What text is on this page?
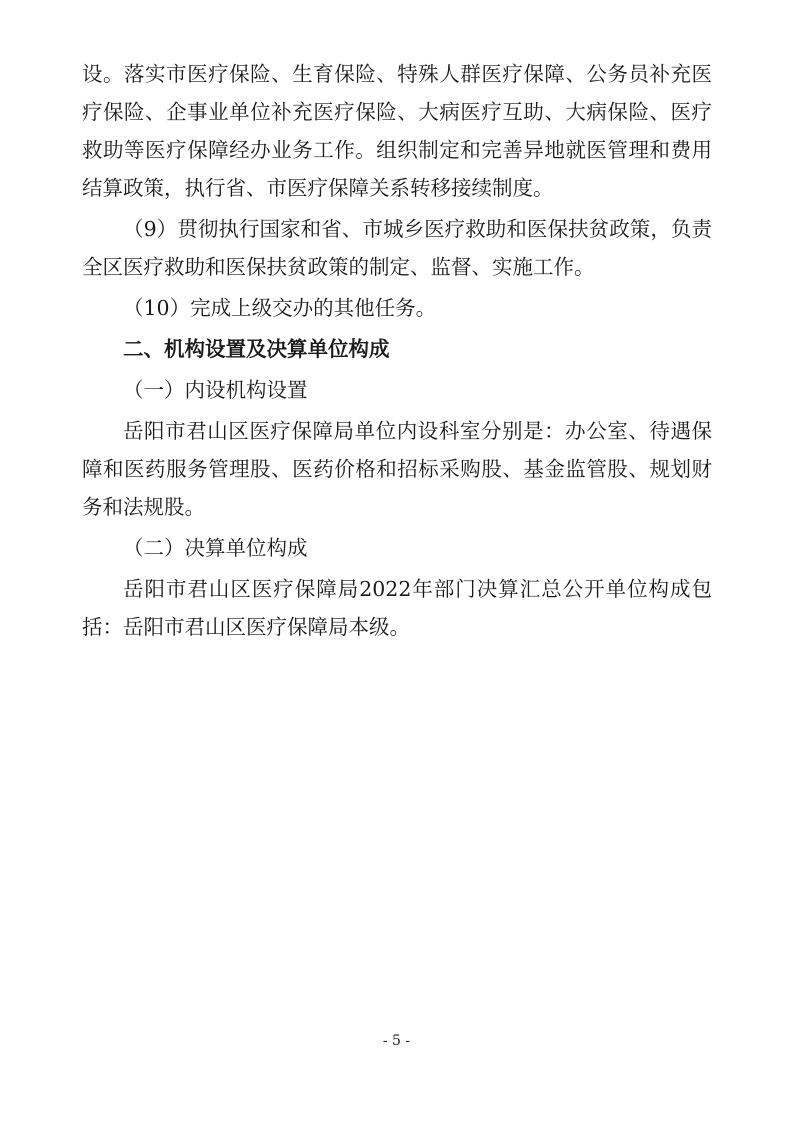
设。落实市医疗保险、生育保险、特殊人群医疗保障、公务员补充医疗保险、企事业单位补充医疗保险、大病医疗互助、大病保险、医疗救助等医疗保障经办业务工作。组织制定和完善异地就医管理和费用结算政策，执行省、市医疗保障关系转移接续制度。

（9）贯彻执行国家和省、市城乡医疗救助和医保扶贫政策，负责全区医疗救助和医保扶贫政策的制定、监督、实施工作。

（10）完成上级交办的其他任务。

二、机构设置及决算单位构成

（一）内设机构设置

岳阳市君山区医疗保障局单位内设科室分别是：办公室、待遇保障和医药服务管理股、医药价格和招标采购股、基金监管股、规划财务和法规股。

（二）决算单位构成

岳阳市君山区医疗保障局2022年部门决算汇总公开单位构成包括：岳阳市君山区医疗保障局本级。

- 5 -
